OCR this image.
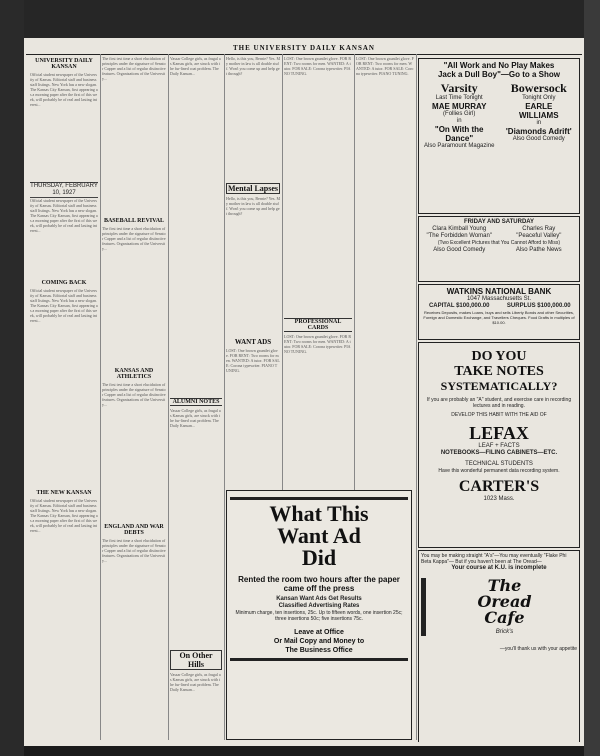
THE UNIVERSITY DAILY KANSAN
UNIVERSITY DAILY KANSAN
Official student newspaper of the University of Kansas. Editorial staff and business staff listings. New York has a new slogan. The Kansas City Kansan, first appearing as a morning paper after the first of this week, will probably be of real and lasting interest...
THURSDAY, FEBRUARY 10, 1927
Official student newspaper of the University of Kansas. Editorial staff and business staff listings. New York has a new slogan. The Kansas City Kansan, first appearing as a morning paper after the first of this week, will probably be of real and lasting interest...
COMING BACK
Official student newspaper of the University of Kansas. Editorial staff and business staff listings. New York has a new slogan. The Kansas City Kansan, first appearing as a morning paper after the first of this week, will probably be of real and lasting interest...
THE NEW KANSAN
Official student newspaper of the University of Kansas. Editorial staff and business staff listings. New York has a new slogan. The Kansas City Kansan, first appearing as a morning paper after the first of this week, will probably be of real and lasting interest...
The first test time a short elucidation of principles under the signature of Senator Capper and a list of regular distinctive features. Organizations of the University...
BASEBALL REVIVAL
The first test time a short elucidation of principles under the signature of Senator Capper and a list of regular distinctive features. Organizations of the University...
KANSAS AND ATHLETICS
The first test time a short elucidation of principles under the signature of Senator Capper and a list of regular distinctive features. Organizations of the University...
ENGLAND AND WAR DEBTS
The first test time a short elucidation of principles under the signature of Senator Capper and a list of regular distinctive features. Organizations of the University...
Vassar College girls, as frugal as Kansas girls, are struck with the fur-lined coat problem. The Daily Kansan...
ALUMNI NOTES
Vassar College girls, as frugal as Kansas girls, are struck with the fur-lined coat problem. The Daily Kansan...
On Other Hills
Vassar College girls, as frugal as Kansas girls, are struck with the fur-lined coat problem. The Daily Kansan...
Hello, is this you, Bernie? Yes. My mother in law is all double stuff. Won't you come up and help get through?
Mental Lapses
Hello, is this you, Bernie? Yes. My mother in law is all double stuff. Won't you come up and help get through?
WANT ADS
LOST: One brown gauntlet glove. FOR RENT: Two rooms for men. WANTED: A tutor. FOR SALE: Corona typewriter. PIANO TUNING.
LOST: One brown gauntlet glove. FOR RENT: Two rooms for men. WANTED: A tutor. FOR SALE: Corona typewriter. PIANO TUNING.
PROFESSIONAL CARDS
LOST: One brown gauntlet glove. FOR RENT: Two rooms for men. WANTED: A tutor. FOR SALE: Corona typewriter. PIANO TUNING.
What This
Want Ad
Did
Rented the room two hours after the paper came off the press
Kansan Want Ads Get Results
Classified Advertising Rates
Minimum charge, ten insertions, 25c. Up to fifteen words, one insertion 25c; three insertions 50c; five insertions 75c.
Leave at Office
Or Mail Copy and Money to
The Business Office
LOST: One brown gauntlet glove. FOR RENT: Two rooms for men. WANTED: A tutor. FOR SALE: Corona typewriter. PIANO TUNING.
"All Work and No Play Makes
Jack a Dull Boy"—Go to a Show
Varsity	Bowersock
Last Time Tonight
MAE MURRAY
(Follies Girl)
in
"On With the Dance"
Also Paramount Magazine
Tonight Only
EARLE
WILLIAMS
in
'Diamonds Adrift'
Also Good Comedy
FRIDAY AND SATURDAY
Clara Kimball Young
"The Forbidden Woman"
Charles Ray
"Peaceful Valley"
(Two Excellent Pictures that You Cannot Afford to Miss)
Also Good Comedy	Also Pathe News
WATKINS NATIONAL BANK
1047 Massachusetts St.
CAPITAL $100,000.00	SURPLUS $100,000.00
Receives Deposits, makes Loans, buys and sells Liberty Bonds and other Securities, Foreign and Domestic Exchange, and Travellers Cheques. Food Drafts in multiples of $10.00.
DO YOU
TAKE NOTES
SYSTEMATICALLY?
If you are probably an "A" student, and exercise care in recording lectures and in reading.
DEVELOP THIS HABIT WITH THE AID OF
LEFAX
LEAF + FACTS
NOTEBOOKS—FILING CABINETS—ETC.
TECHNICAL STUDENTS
Have this wonderful permanent data recording system.
CARTER'S
1023 Mass.
You may be making straight "A's"—You may eventually "Flake Phi Beta Kappa"— But if you haven't been at The Oread—
Your course at K.U. is incomplete
The
Oread
Cafe
Brick's
—you'll thank us with your appetite
